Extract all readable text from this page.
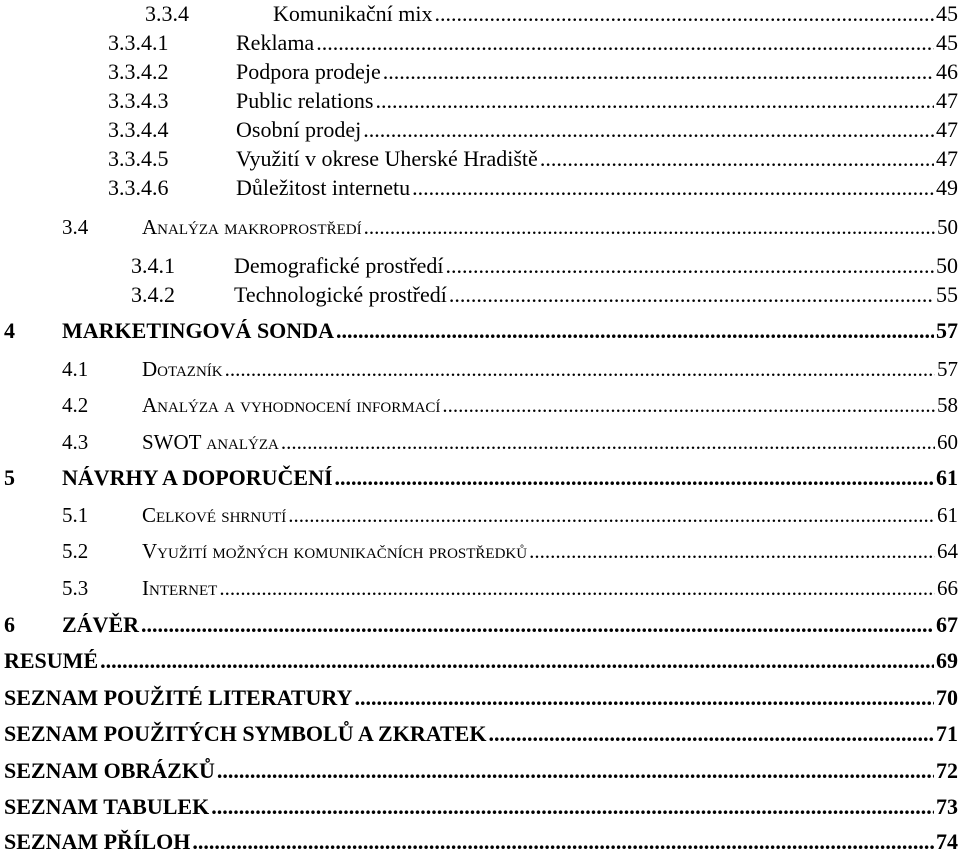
3.3.4	Komunikační mix .....	45
3.3.4.1	Reklama .....	45
3.3.4.2	Podpora prodeje .....	46
3.3.4.3	Public relations .....	47
3.3.4.4	Osobní prodej .....	47
3.3.4.5	Využití v okrese Uherské Hradiště .....	47
3.3.4.6	Důležitost internetu .....	49
3.4	Analýza makroprostředí .....	50
3.4.1	Demografické prostředí .....	50
3.4.2	Technologické prostředí .....	55
4	MARKETINGOVÁ SONDA .....	57
4.1	Dotazník .....	57
4.2	Analýza a vyhodnocení informací .....	58
4.3	SWOT analýza .....	60
5	NÁVRHY A DOPORUČENÍ .....	61
5.1	Celkové shrnutí .....	61
5.2	Využití možných komunikačních prostředků .....	64
5.3	Internet .....	66
6	ZÁVĚR .....	67
RESUMÉ .....	69
SEZNAM POUŽITÉ LITERATURY .....	70
SEZNAM POUŽITÝCH SYMBOLŮ A ZKRATEK .....	71
SEZNAM OBRÁZKŮ .....	72
SEZNAM TABULEK .....	73
SEZNAM PŘÍLOH .....	74
